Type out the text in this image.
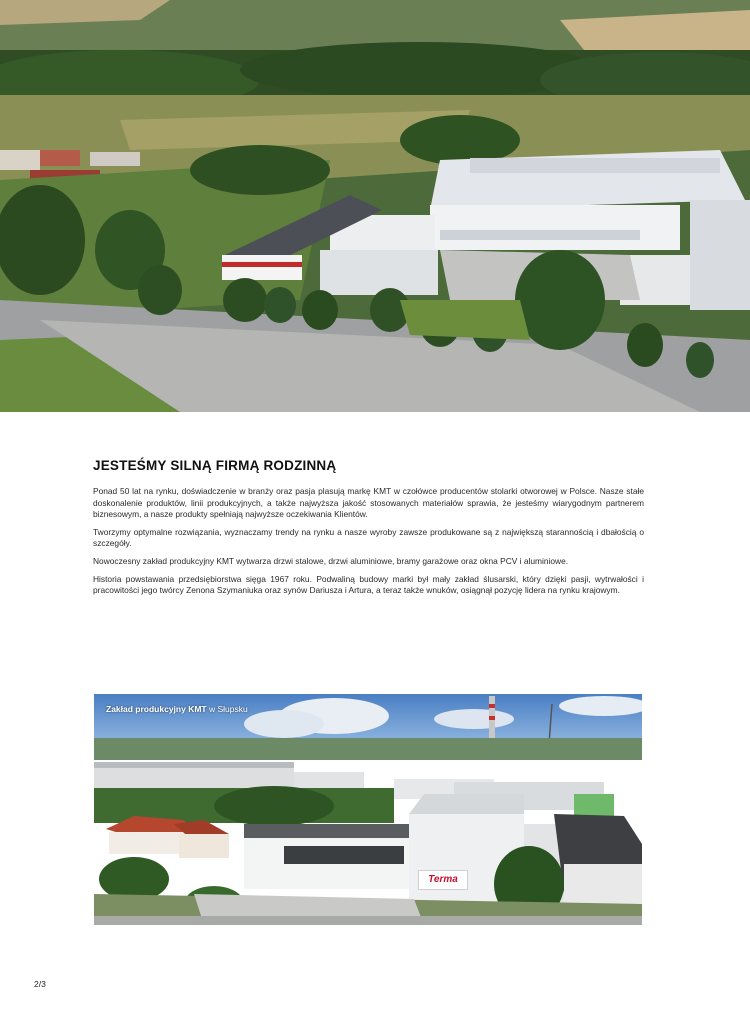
JESTEŚMY SILNĄ FIRMĄ RODZINNĄ

Ponad 50 lat na rynku, doświadczenie w branży oraz pasja plasują markę KMT w czołówce producentów stolarki otworowej w Polsce. Nasze stałe doskonalenie produktów, linii produkcyjnych, a także najwyższa jakość stosowanych materiałów sprawia, że jesteśmy wiarygodnym partnerem biznesowym, a nasze produkty spełniają najwyższe oczekiwania Klientów.

Tworzymy optymalne rozwiązania, wyznaczamy trendy na rynku a nasze wyroby zawsze produkowane są z największą starannością i dbałością o szczegóły.

Nowoczesny zakład produkcyjny KMT wytwarza drzwi stalowe, drzwi aluminiowe, bramy garażowe oraz okna PCV i aluminiowe.

Historia powstawania przedsiębiorstwa sięga 1967 roku. Podwaliną budowy marki był mały zakład ślusarski, który dzięki pasji, wytrwałości i pracowitości jego twórcy Zenona Szymaniuka oraz synów Dariusza i Artura, a teraz także wnuków, osiągnął pozycję lidera na rynku krajowym.

Zakład produkcyjny KMT w Słupsku
Terma
2/3
